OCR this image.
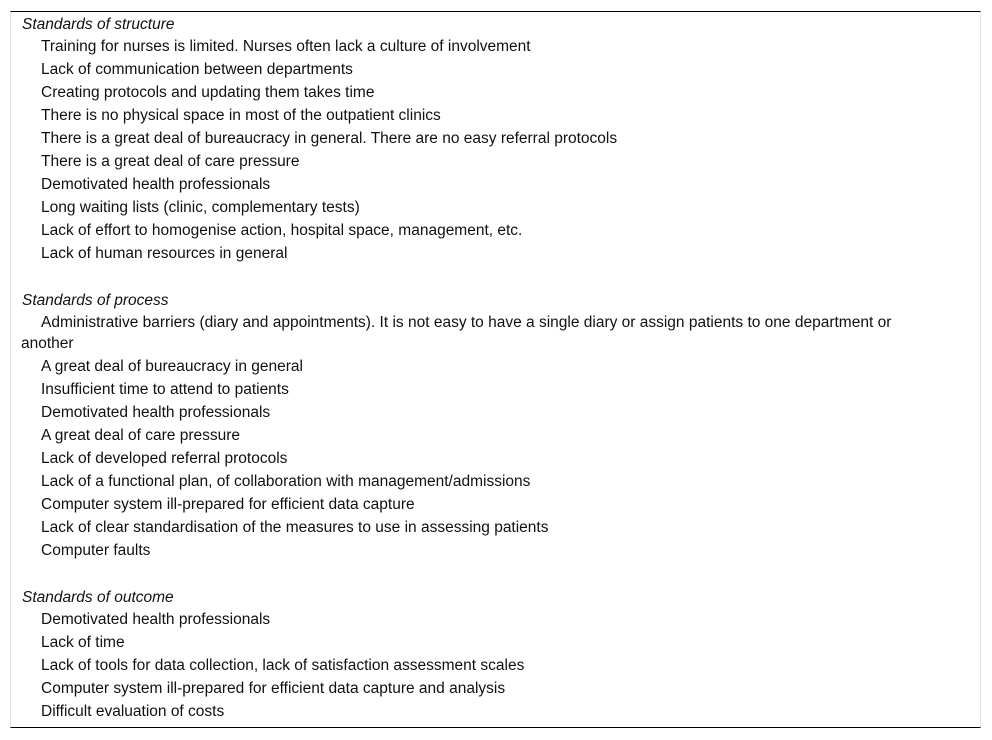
Standards of structure
Training for nurses is limited. Nurses often lack a culture of involvement
Lack of communication between departments
Creating protocols and updating them takes time
There is no physical space in most of the outpatient clinics
There is a great deal of bureaucracy in general. There are no easy referral protocols
There is a great deal of care pressure
Demotivated health professionals
Long waiting lists (clinic, complementary tests)
Lack of effort to homogenise action, hospital space, management, etc.
Lack of human resources in general
Standards of process
Administrative barriers (diary and appointments). It is not easy to have a single diary or assign patients to one department or another
A great deal of bureaucracy in general
Insufficient time to attend to patients
Demotivated health professionals
A great deal of care pressure
Lack of developed referral protocols
Lack of a functional plan, of collaboration with management/admissions
Computer system ill-prepared for efficient data capture
Lack of clear standardisation of the measures to use in assessing patients
Computer faults
Standards of outcome
Demotivated health professionals
Lack of time
Lack of tools for data collection, lack of satisfaction assessment scales
Computer system ill-prepared for efficient data capture and analysis
Difficult evaluation of costs
